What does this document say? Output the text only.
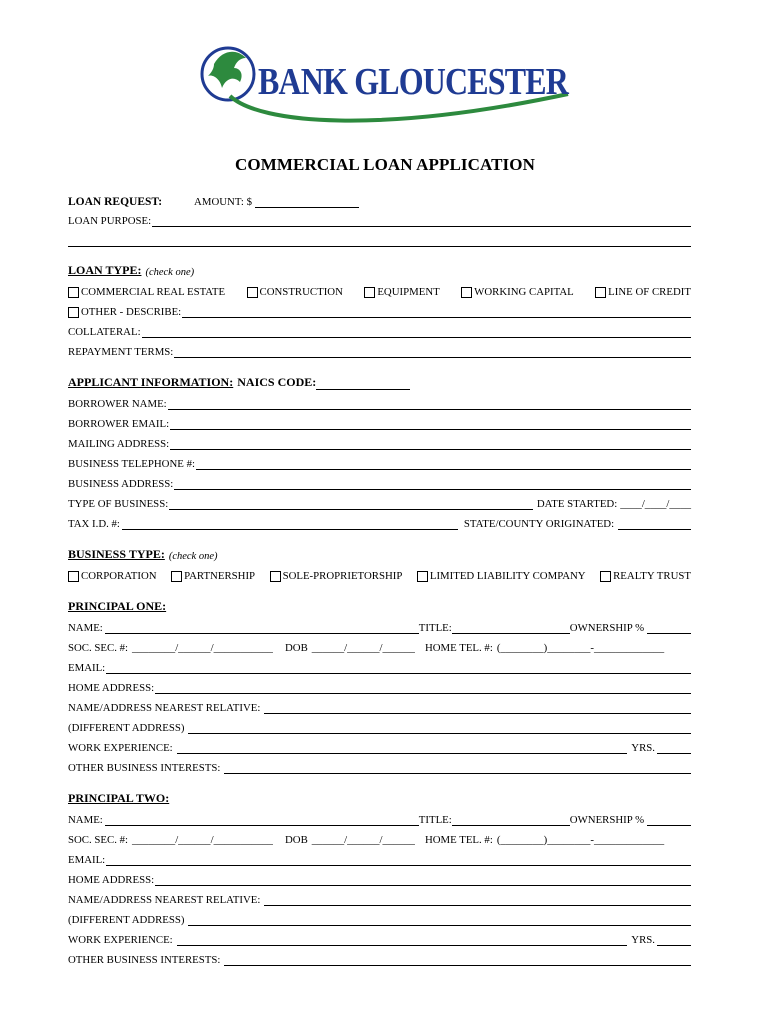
BANK GLOUCESTER
COMMERCIAL LOAN APPLICATION
LOAN REQUEST:	AMOUNT: $
LOAN PURPOSE:
LOAN TYPE: (check one)
COMMERCIAL REAL ESTATE	CONSTRUCTION	EQUIPMENT	WORKING CAPITAL	LINE OF CREDIT
OTHER - DESCRIBE:
COLLATERAL:
REPAYMENT TERMS:
APPLICANT INFORMATION: NAICS CODE:
BORROWER NAME:
BORROWER EMAIL:
MAILING ADDRESS:
BUSINESS TELEPHONE #:
BUSINESS ADDRESS:
TYPE OF BUSINESS:	DATE STARTED: ____/____/____
TAX I.D. #:	STATE/COUNTY ORIGINATED:
BUSINESS TYPE: (check one)
CORPORATION	PARTNERSHIP	SOLE-PROPRIETORSHIP	LIMITED LIABILITY COMPANY	REALTY TRUST
PRINCIPAL ONE:
NAME:	TITLE:	OWNERSHIP %
SOC. SEC. #: ________/______/___________ DOB ______/______/______ HOME TEL. #: (________)________-_____________
EMAIL:
HOME ADDRESS:
NAME/ADDRESS NEAREST RELATIVE:
(DIFFERENT ADDRESS)
WORK EXPERIENCE:	YRS.
OTHER BUSINESS INTERESTS:
PRINCIPAL TWO:
NAME:	TITLE:	OWNERSHIP %
SOC. SEC. #: ________/______/___________ DOB ______/______/______ HOME TEL. #: (________)________-_____________
EMAIL:
HOME ADDRESS:
NAME/ADDRESS NEAREST RELATIVE:
(DIFFERENT ADDRESS)
WORK EXPERIENCE:	YRS.
OTHER BUSINESS INTERESTS:
